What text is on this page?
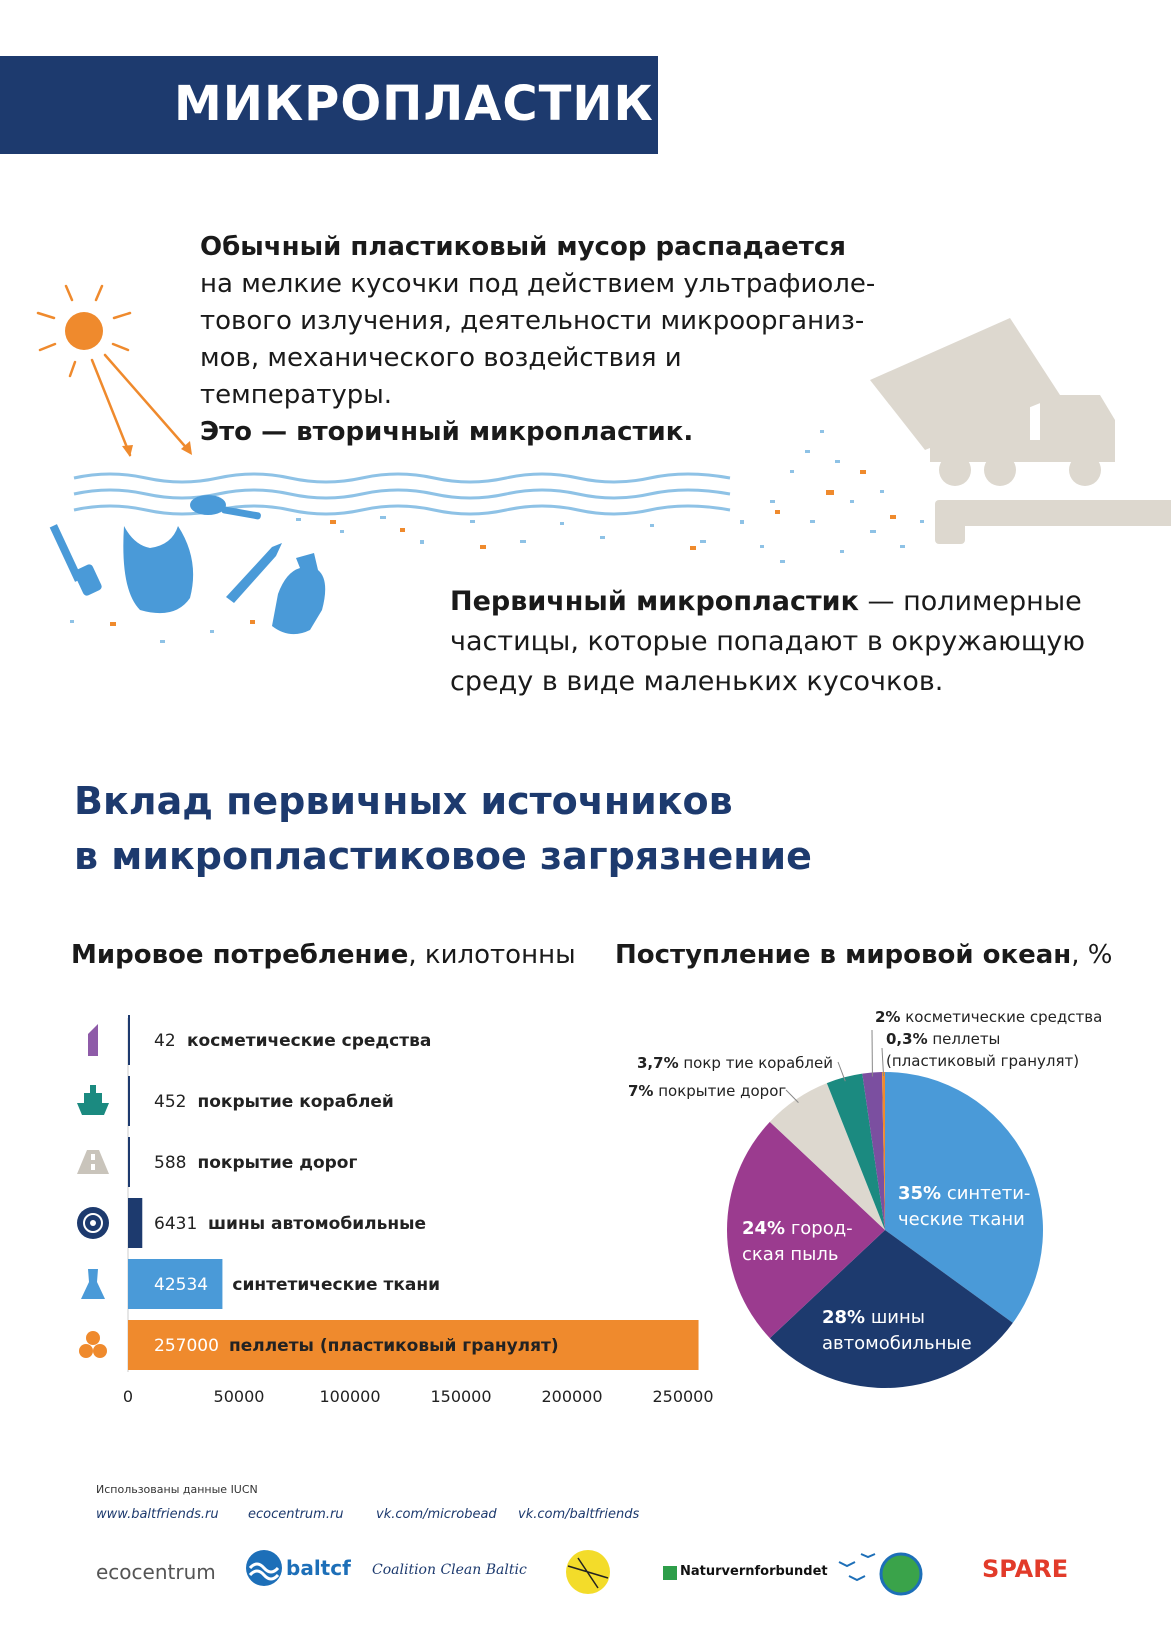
МИКРОПЛАСТИК
Обычный пластиковый мусор распадается
на мелкие кусочки под действием ультрафиоле-
тового излучения, деятельности микроорганиз-
мов, механического воздействия и температуры.
Это — вторичный микропластик.
Первичный микропластик — полимерные
частицы, которые попадают в окружающую
среду в виде маленьких кусочков.
Вклад первичных источников
в микропластиковое загрязнение
Мировое потребление, килотонны Поступление в мировой океан, %
42 косметические средства
452 покрытие кораблей
588 покрытие дорог
6431 шины автомобильные
42534 синтетические ткани
257000 пеллеты (пластиковый гранулят)
0	50000	100000	150000	200000	250000
35% синтети-
ческие ткани
28% шины
автомобильные
24% город-
ская пыль
7% покрытие дорог
3,7% покр тие кораблей
2% косметические средства
0,3% пеллеты
(пластиковый гранулят)
Использованы данные IUCN
www.baltfriends.ru ecocentrum.ru vk.com/microbead vk.com/baltfriends
ecocentrum	baltcf Coalition Clean Baltic	Naturvernforbundet	SPARE
